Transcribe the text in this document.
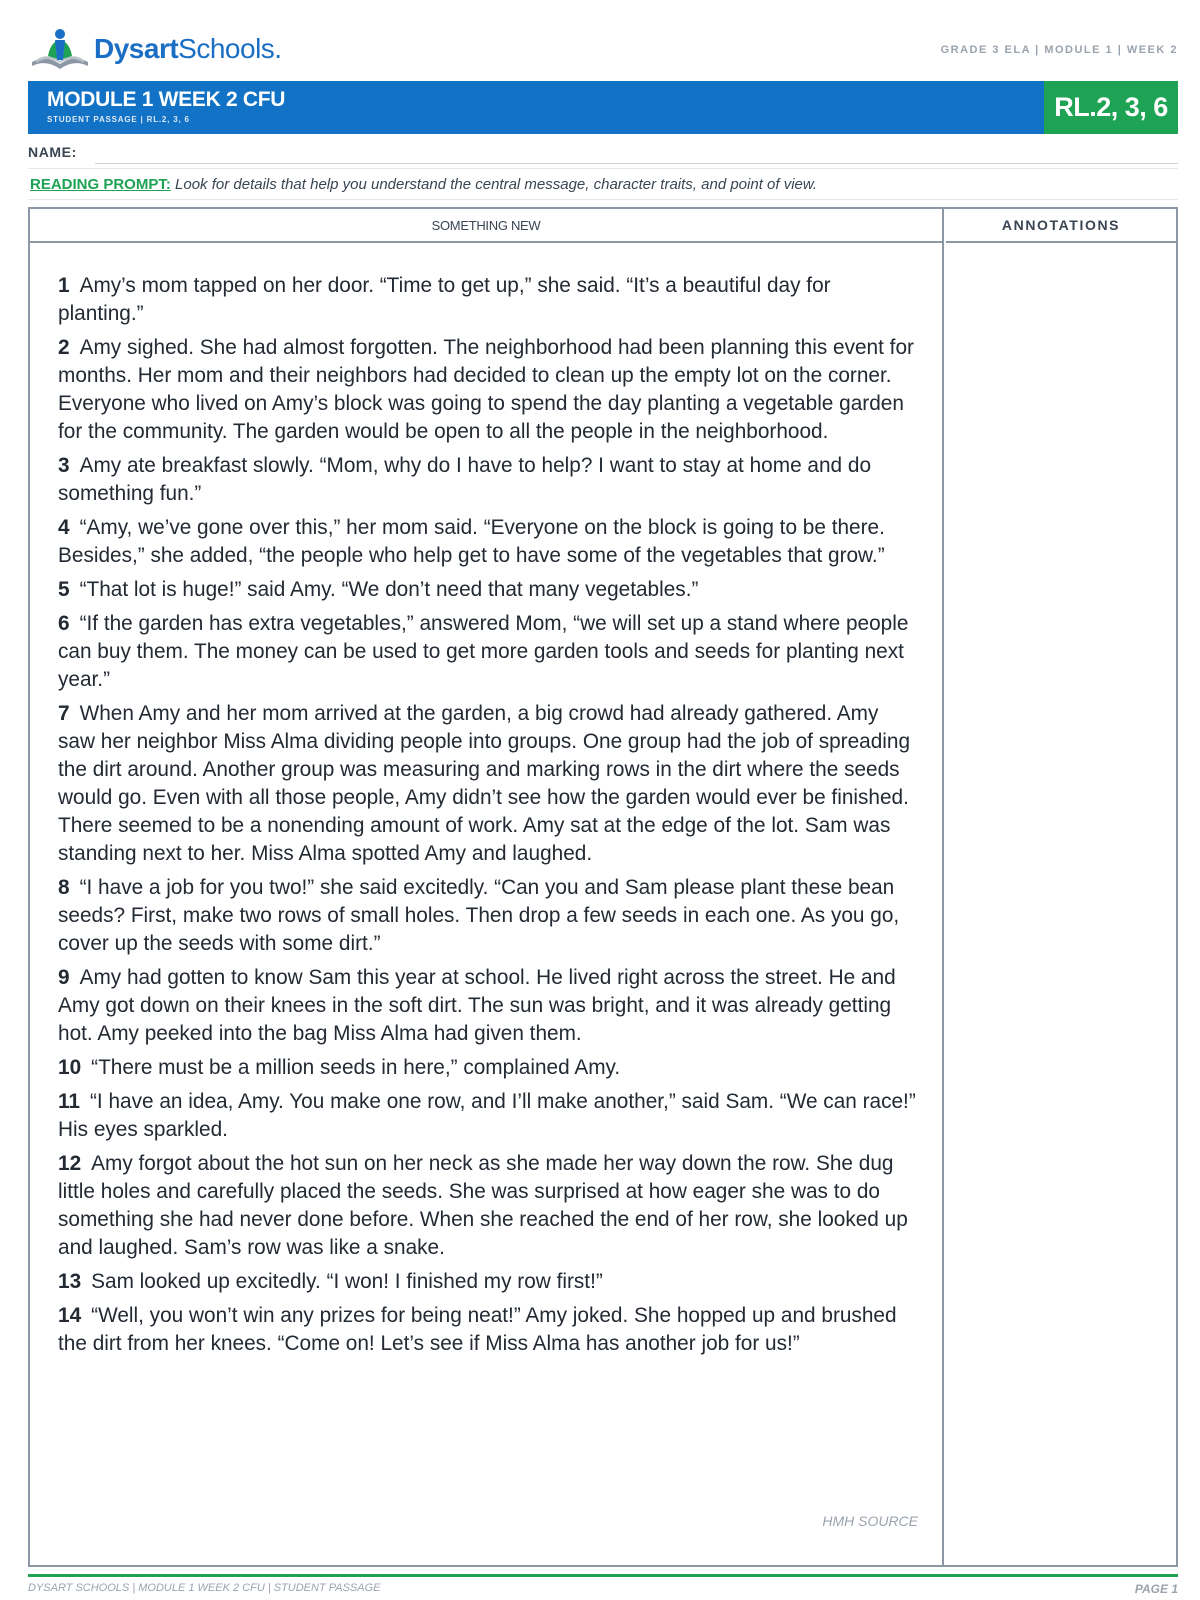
DysartSchools.	GRADE 3 ELA | MODULE 1 | WEEK 2
MODULE 1 WEEK 2 CFU
STUDENT PASSAGE | RL.2, 3, 6	RL.2, 3, 6
NAME:
READING PROMPT: Look for details that help you understand the central message, character traits, and point of view.
SOMETHING NEW

1 Amy’s mom tapped on her door. “Time to get up,” she said. “It’s a beautiful day for planting.”

2 Amy sighed. She had almost forgotten. The neighborhood had been planning this event for months. Her mom and their neighbors had decided to clean up the empty lot on the corner. Everyone who lived on Amy’s block was going to spend the day planting a vegetable garden for the community. The garden would be open to all the people in the neighborhood.

3 Amy ate breakfast slowly. “Mom, why do I have to help? I want to stay at home and do something fun.”

4 “Amy, we’ve gone over this,” her mom said. “Everyone on the block is going to be there. Besides,” she added, “the people who help get to have some of the vegetables that grow.”

5 “That lot is huge!” said Amy. “We don’t need that many vegetables.”

6 “If the garden has extra vegetables,” answered Mom, “we will set up a stand where people can buy them. The money can be used to get more garden tools and seeds for planting next year.”

7 When Amy and her mom arrived at the garden, a big crowd had already gathered. Amy saw her neighbor Miss Alma dividing people into groups. One group had the job of spreading the dirt around. Another group was measuring and marking rows in the dirt where the seeds would go. Even with all those people, Amy didn’t see how the garden would ever be finished. There seemed to be a nonending amount of work. Amy sat at the edge of the lot. Sam was standing next to her. Miss Alma spotted Amy and laughed.

8 “I have a job for you two!” she said excitedly. “Can you and Sam please plant these bean seeds? First, make two rows of small holes. Then drop a few seeds in each one. As you go, cover up the seeds with some dirt.”

9 Amy had gotten to know Sam this year at school. He lived right across the street. He and Amy got down on their knees in the soft dirt. The sun was bright, and it was already getting hot. Amy peeked into the bag Miss Alma had given them.

10 “There must be a million seeds in here,” complained Amy.

11 “I have an idea, Amy. You make one row, and I’ll make another,” said Sam. “We can race!” His eyes sparkled.

12 Amy forgot about the hot sun on her neck as she made her way down the row. She dug little holes and carefully placed the seeds. She was surprised at how eager she was to do something she had never done before. When she reached the end of her row, she looked up and laughed. Sam’s row was like a snake.

13 Sam looked up excitedly. “I won! I finished my row first!”

14 “Well, you won’t win any prizes for being neat!” Amy joked. She hopped up and brushed the dirt from her knees. “Come on! Let’s see if Miss Alma has another job for us!”

HMH SOURCE
ANNOTATIONS
DYSART SCHOOLS | MODULE 1 WEEK 2 CFU | STUDENT PASSAGE	PAGE 1
